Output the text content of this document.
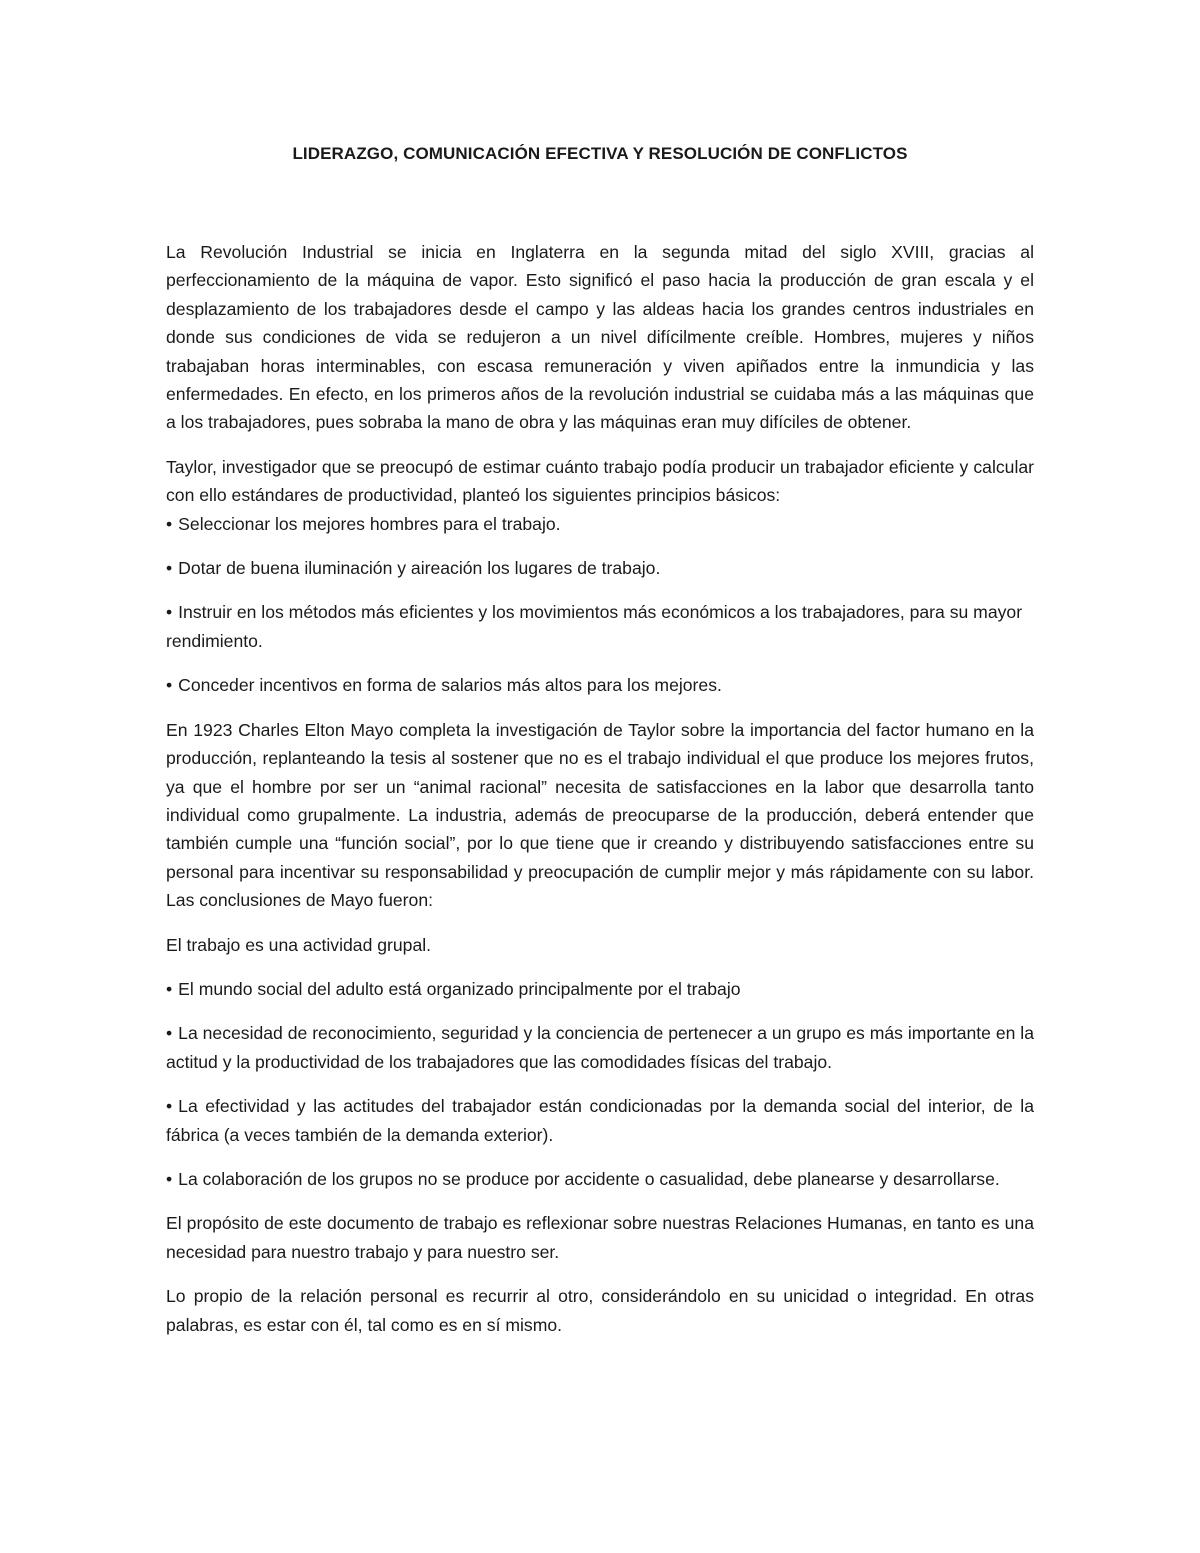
LIDERAZGO, COMUNICACIÓN EFECTIVA Y RESOLUCIÓN DE CONFLICTOS

La Revolución Industrial se inicia en Inglaterra en la segunda mitad del siglo XVIII, gracias al perfeccionamiento de la máquina de vapor. Esto significó el paso hacia la producción de gran escala y el desplazamiento de los trabajadores desde el campo y las aldeas hacia los grandes centros industriales en donde sus condiciones de vida se redujeron a un nivel difícilmente creíble. Hombres, mujeres y niños trabajaban horas interminables, con escasa remuneración y viven apiñados entre la inmundicia y las enfermedades. En efecto, en los primeros años de la revolución industrial se cuidaba más a las máquinas que a los trabajadores, pues sobraba la mano de obra y las máquinas eran muy difíciles de obtener.

Taylor, investigador que se preocupó de estimar cuánto trabajo podía producir un trabajador eficiente y calcular con ello estándares de productividad, planteó los siguientes principios básicos:

• Seleccionar los mejores hombres para el trabajo.

• Dotar de buena iluminación y aireación los lugares de trabajo.

• Instruir en los métodos más eficientes y los movimientos más económicos a los trabajadores, para su mayor rendimiento.

• Conceder incentivos en forma de salarios más altos para los mejores.

En 1923 Charles Elton Mayo completa la investigación de Taylor sobre la importancia del factor humano en la producción, replanteando la tesis al sostener que no es el trabajo individual el que produce los mejores frutos, ya que el hombre por ser un “animal racional” necesita de satisfacciones en la labor que desarrolla tanto individual como grupalmente. La industria, además de preocuparse de la producción, deberá entender que también cumple una “función social”, por lo que tiene que ir creando y distribuyendo satisfacciones entre su personal para incentivar su responsabilidad y preocupación de cumplir mejor y más rápidamente con su labor. Las conclusiones de Mayo fueron:

El trabajo es una actividad grupal.

• El mundo social del adulto está organizado principalmente por el trabajo

• La necesidad de reconocimiento, seguridad y la conciencia de pertenecer a un grupo es más importante en la actitud y la productividad de los trabajadores que las comodidades físicas del trabajo.

• La efectividad y las actitudes del trabajador están condicionadas por la demanda social del interior, de la fábrica (a veces también de la demanda exterior).

• La colaboración de los grupos no se produce por accidente o casualidad, debe planearse y desarrollarse.

El propósito de este documento de trabajo es reflexionar sobre nuestras Relaciones Humanas, en tanto es una necesidad para nuestro trabajo y para nuestro ser.

Lo propio de la relación personal es recurrir al otro, considerándolo en su unicidad o integridad. En otras palabras, es estar con él, tal como es en sí mismo.
